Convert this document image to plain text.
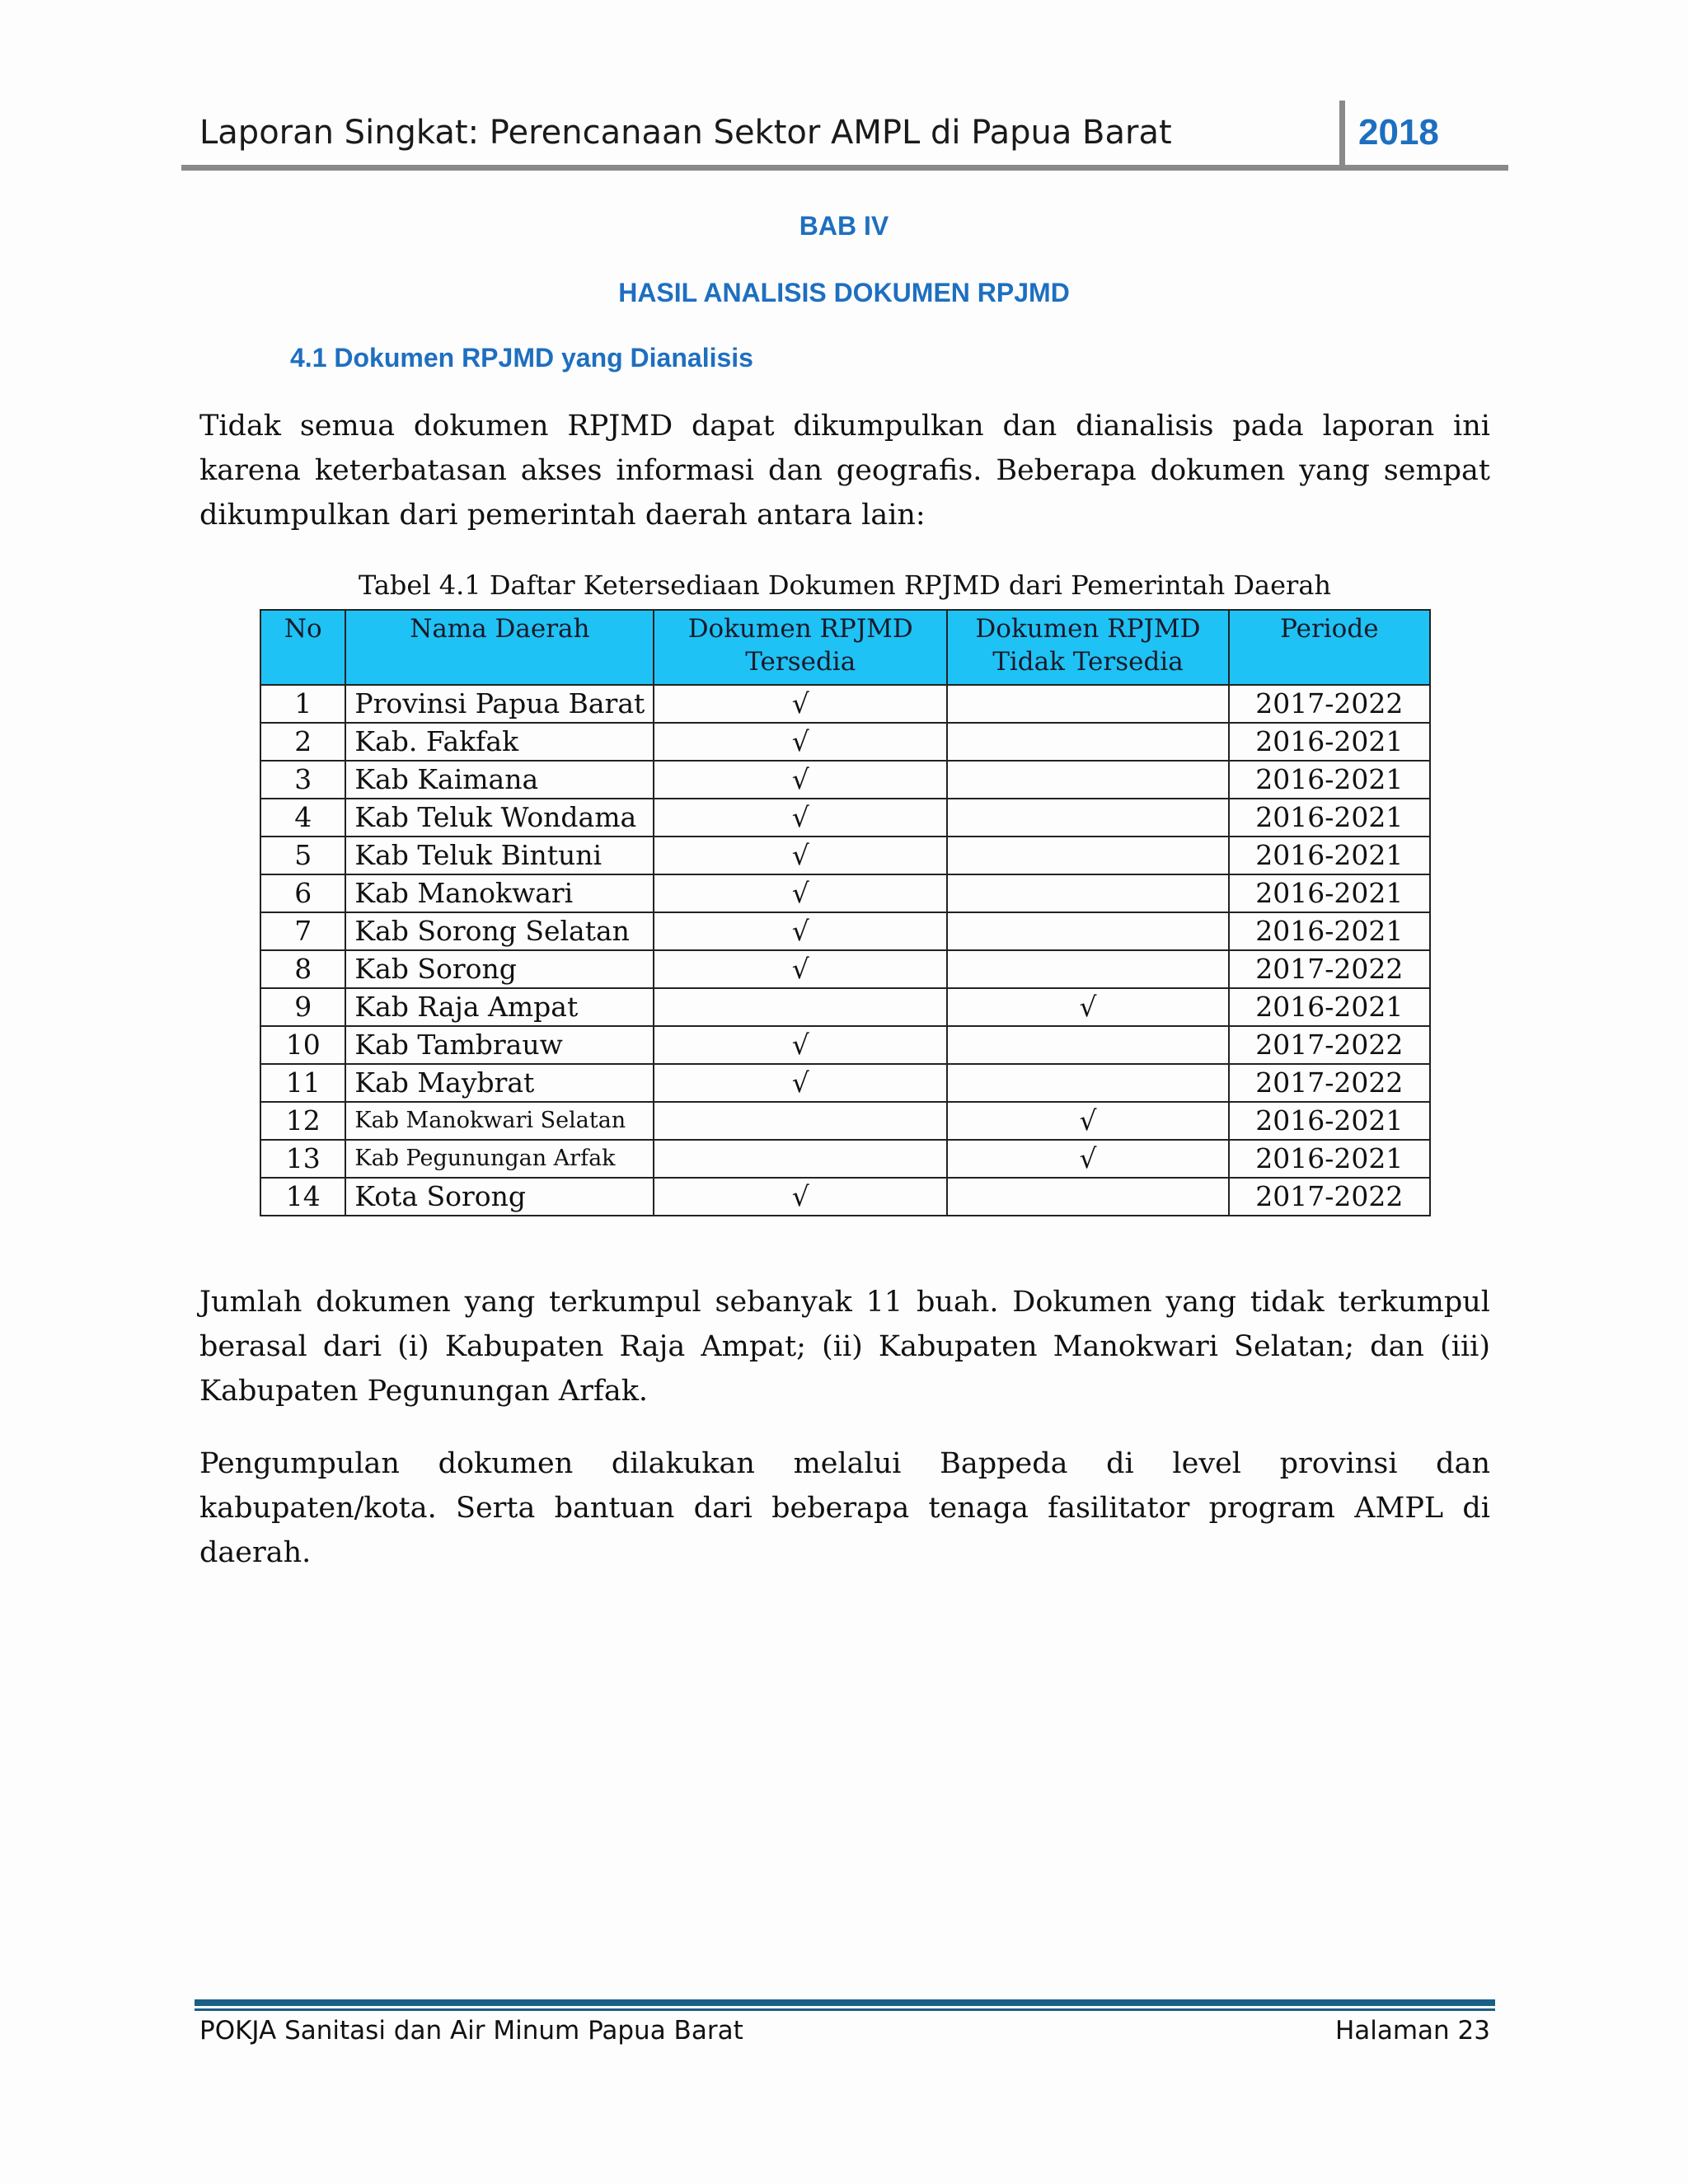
Laporan Singkat: Perencanaan Sektor AMPL di Papua Barat	2018
BAB IV
HASIL ANALISIS DOKUMEN RPJMD
4.1 Dokumen RPJMD yang Dianalisis

Tidak semua dokumen RPJMD dapat dikumpulkan dan dianalisis pada laporan ini karena keterbatasan akses informasi dan geografis. Beberapa dokumen yang sempat dikumpulkan dari pemerintah daerah antara lain:

Tabel 4.1 Daftar Ketersediaan Dokumen RPJMD dari Pemerintah Daerah
No	Nama Daerah	Dokumen RPJMD Tersedia	Dokumen RPJMD Tidak Tersedia	Periode
1	Provinsi Papua Barat	√		2017-2022
2	Kab. Fakfak	√		2016-2021
3	Kab Kaimana	√		2016-2021
4	Kab Teluk Wondama	√		2016-2021
5	Kab Teluk Bintuni	√		2016-2021
6	Kab Manokwari	√		2016-2021
7	Kab Sorong Selatan	√		2016-2021
8	Kab Sorong	√		2017-2022
9	Kab Raja Ampat		√	2016-2021
10	Kab Tambrauw	√		2017-2022
11	Kab Maybrat	√		2017-2022
12	Kab Manokwari Selatan		√	2016-2021
13	Kab Pegunungan Arfak		√	2016-2021
14	Kota Sorong	√		2017-2022

Jumlah dokumen yang terkumpul sebanyak 11 buah. Dokumen yang tidak terkumpul berasal dari (i) Kabupaten Raja Ampat; (ii) Kabupaten Manokwari Selatan; dan (iii) Kabupaten Pegunungan Arfak.

Pengumpulan dokumen dilakukan melalui Bappeda di level provinsi dan kabupaten/kota. Serta bantuan dari beberapa tenaga fasilitator program AMPL di daerah.

POKJA Sanitasi dan Air Minum Papua Barat	Halaman 23
